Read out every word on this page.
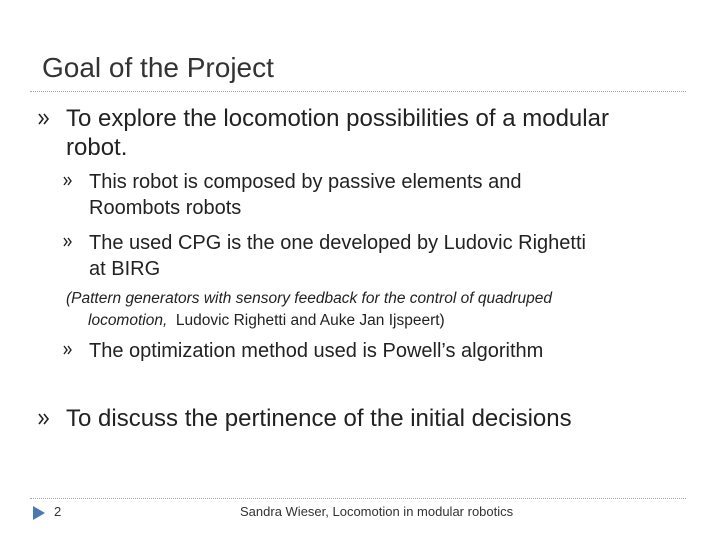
Goal of the Project
To explore the locomotion possibilities of a modular
robot.
This robot is composed by passive elements and
Roombots robots
The used CPG is the one developed by Ludovic Righetti
at BIRG
(Pattern generators with sensory feedback for the control of quadruped
locomotion,  Ludovic Righetti and Auke Jan Ijspeert)
The optimization method used is Powell’s algorithm
To discuss the pertinence of the initial decisions
2	Sandra Wieser, Locomotion in modular robotics
